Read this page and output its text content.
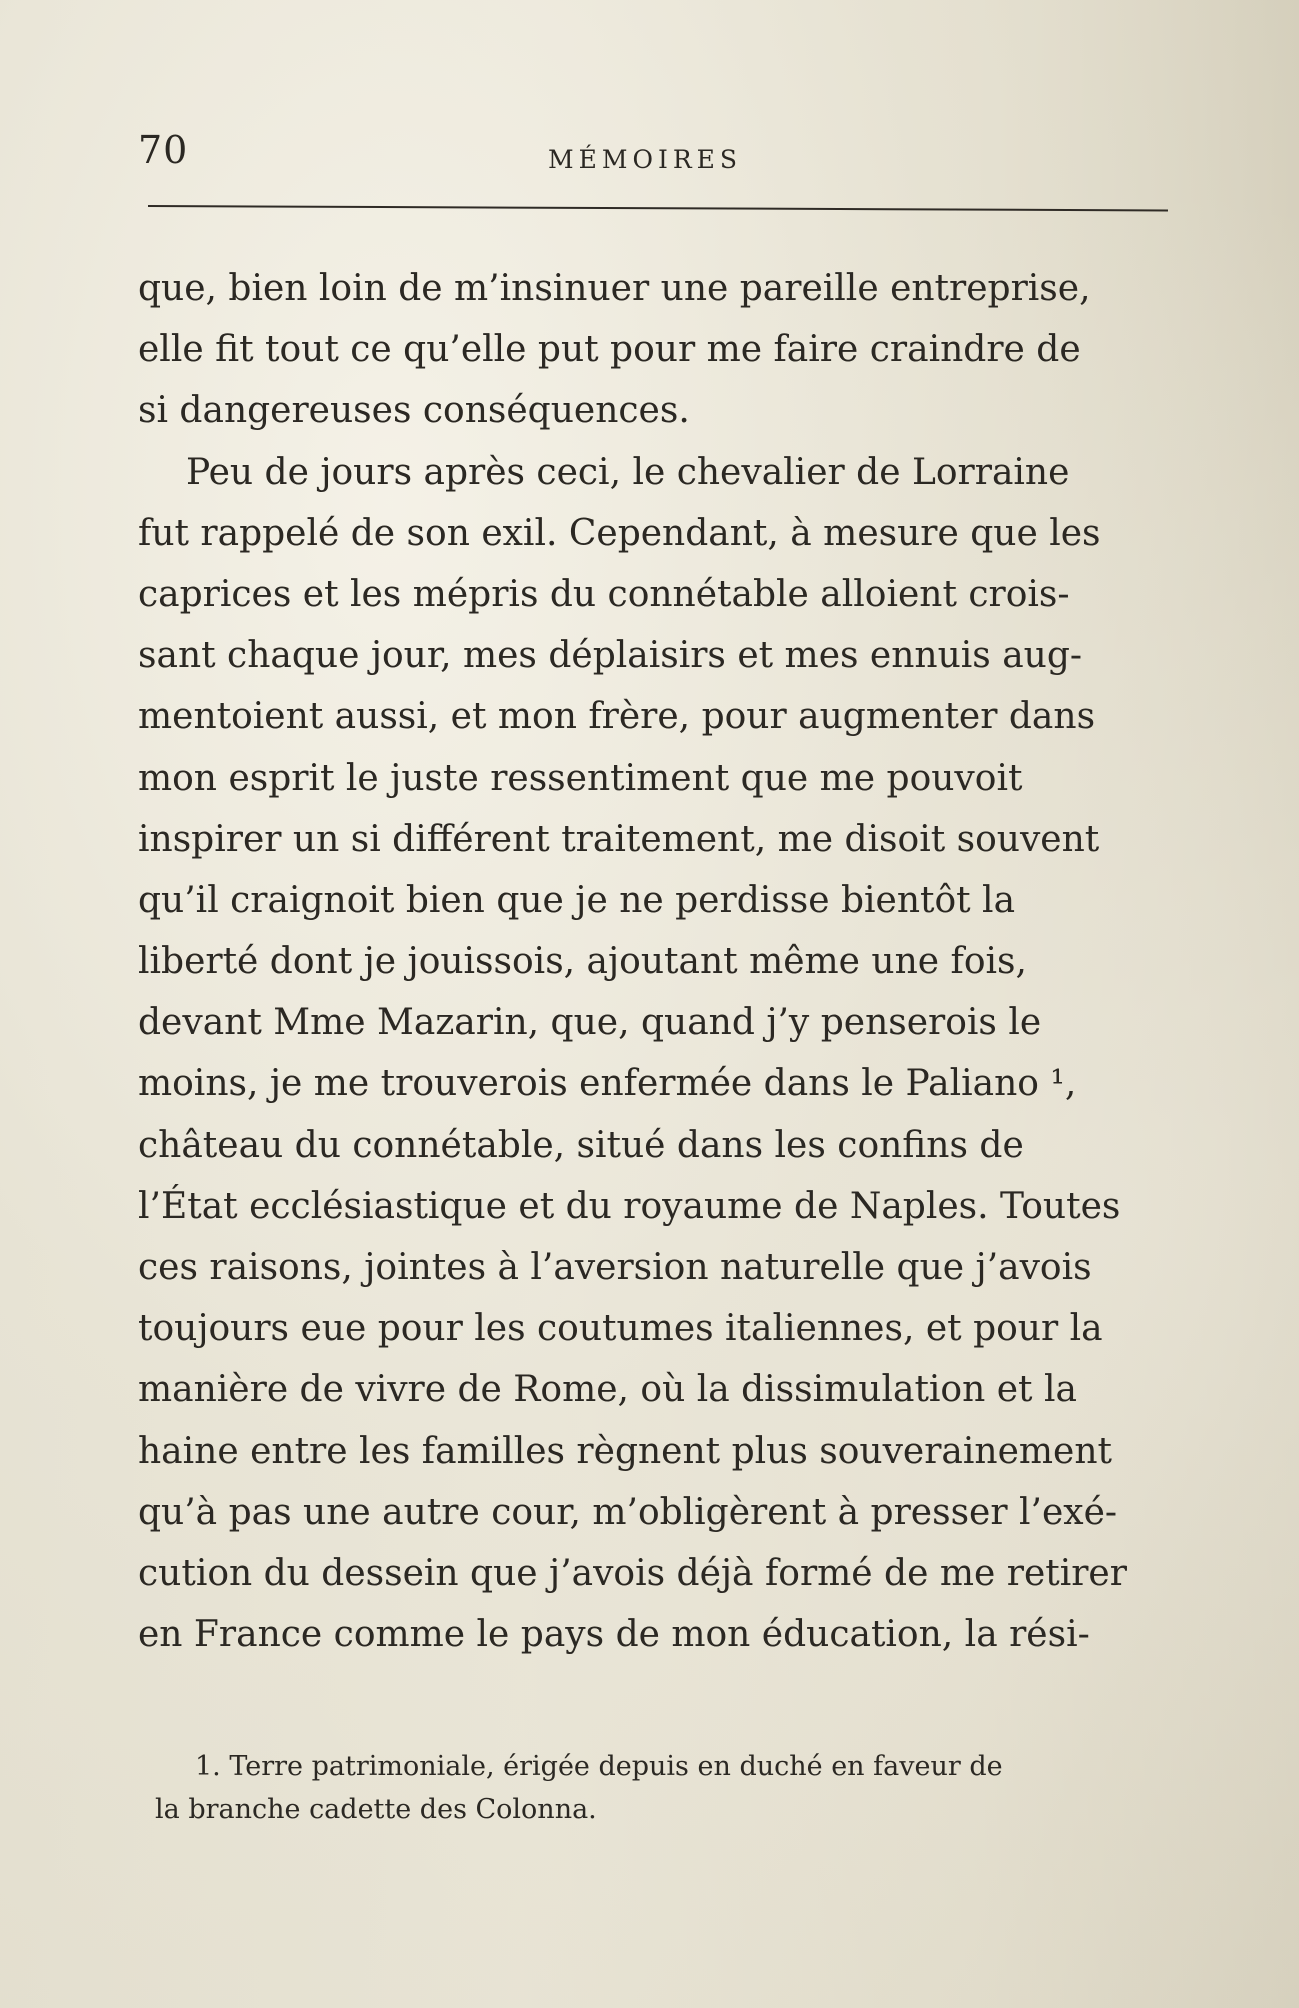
70	MÉMOIRES
que, bien loin de m’insinuer une pareille entreprise,
elle fit tout ce qu’elle put pour me faire craindre de
si dangereuses conséquences.
Peu de jours après ceci, le chevalier de Lorraine
fut rappelé de son exil. Cependant, à mesure que les
caprices et les mépris du connétable alloient crois-
sant chaque jour, mes déplaisirs et mes ennuis aug-
mentoient aussi, et mon frère, pour augmenter dans
mon esprit le juste ressentiment que me pouvoit
inspirer un si différent traitement, me disoit souvent
qu’il craignoit bien que je ne perdisse bientôt la
liberté dont je jouissois, ajoutant même une fois,
devant Mme Mazarin, que, quand j’y penserois le
moins, je me trouverois enfermée dans le Paliano ¹,
château du connétable, situé dans les confins de
l’État ecclésiastique et du royaume de Naples. Toutes
ces raisons, jointes à l’aversion naturelle que j’avois
toujours eue pour les coutumes italiennes, et pour la
manière de vivre de Rome, où la dissimulation et la
haine entre les familles règnent plus souverainement
qu’à pas une autre cour, m’obligèrent à presser l’exé-
cution du dessein que j’avois déjà formé de me retirer
en France comme le pays de mon éducation, la rési-
1. Terre patrimoniale, érigée depuis en duché en faveur de
la branche cadette des Colonna.
